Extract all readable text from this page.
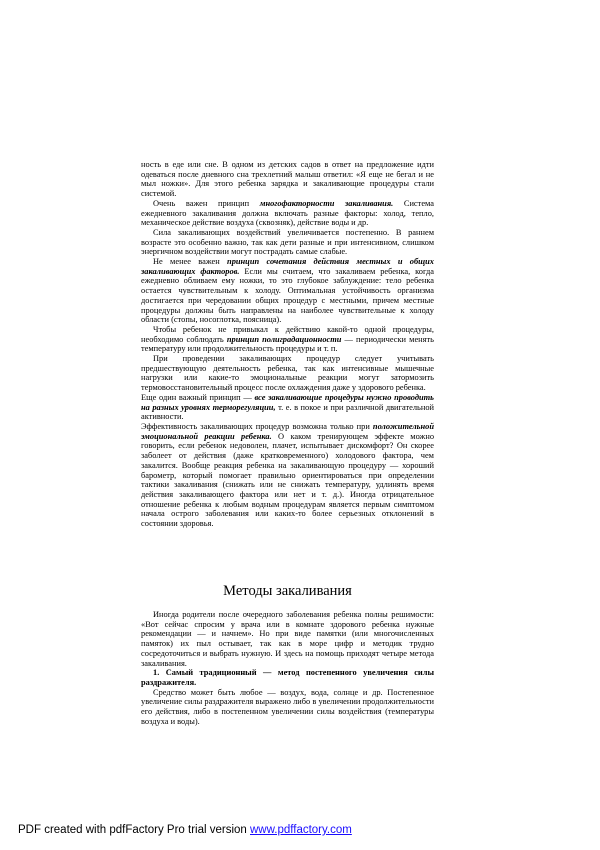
ность в еде или сне. В одном из детских садов в ответ на предложение идти одеваться после дневного сна трехлетний малыш ответил: «Я еще не бегал и не мыл ножки». Для этого ребенка зарядка и закаливающие процедуры стали системой.

Очень важен принцип многофакторности закаливания. Система ежедневного закаливания должна включать разные факторы: холод, тепло, механическое действие воздуха (сквозняк), действие воды и др.

Сила закаливающих воздействий увеличивается постепенно. В раннем возрасте это особенно важно, так как дети разные и при интенсивном, слишком энергичном воздействии могут пострадать самые слабые.

Не менее важен принцип сочетания действия местных и общих закаливающих факторов. Если мы считаем, что закаливаем ребенка, когда ежедневно обливаем ему ножки, то это глубокое заблуждение: тело ребенка остается чувствительным к холоду. Оптимальная устойчивость организма достигается при чередовании общих процедур с местными, причем местные процедуры должны быть направлены на наиболее чувствительные к холоду области (стопы, носоглотка, поясница).

Чтобы ребенок не привыкал к действию какой-то одной процедуры, необходимо соблюдать принцип полиградационности — периодически менять температуру или продолжительность процедуры и т. п.

При проведении закаливающих процедур следует учитывать предшествующую деятельность ребенка, так как интенсивные мышечные нагрузки или какие-то эмоциональные реакции могут затормозить термовосстановительный процесс после охлаждения даже у здорового ребенка.

Еще один важный принцип — все закаливающие процедуры нужно проводить на разных уровнях терморегуляции, т. е. в покое и при различной двигательной активности.

Эффективность закаливающих процедур возможна только при положительной эмоциональной реакции ребенка. О каком тренирующем эффекте можно говорить, если ребенок недоволен, плачет, испытывает дискомфорт? Он скорее заболеет от действия (даже кратковременного) холодового фактора, чем закалится. Вообще реакция ребенка на закаливающую процедуру — хороший барометр, который помогает правильно ориентироваться при определении тактики закаливания (снижать или не снижать температуру, удлинять время действия закаливающего фактора или нет и т. д.). Иногда отрицательное отношение ребенка к любым водным процедурам является первым симптомом начала острого заболевания или каких-то более серьезных отклонений в состоянии здоровья.

Методы закаливания

Иногда родители после очередного заболевания ребенка полны решимости: «Вот сейчас спросим у врача или в комнате здорового ребенка нужные рекомендации — и начнем». Но при виде памятки (или многочисленных памяток) их пыл остывает, так как в море цифр и методик трудно сосредоточиться и выбрать нужную. И здесь на помощь приходят четыре метода закаливания.

1. Самый традиционный — метод постепенного увеличения силы раздражителя.

Средство может быть любое — воздух, вода, солнце и др. Постепенное увеличение силы раздражителя выражено либо в увеличении продолжительности его действия, либо в постепенном увеличении силы воздействия (температуры воздуха и воды).

PDF created with pdfFactory Pro trial version www.pdffactory.com
